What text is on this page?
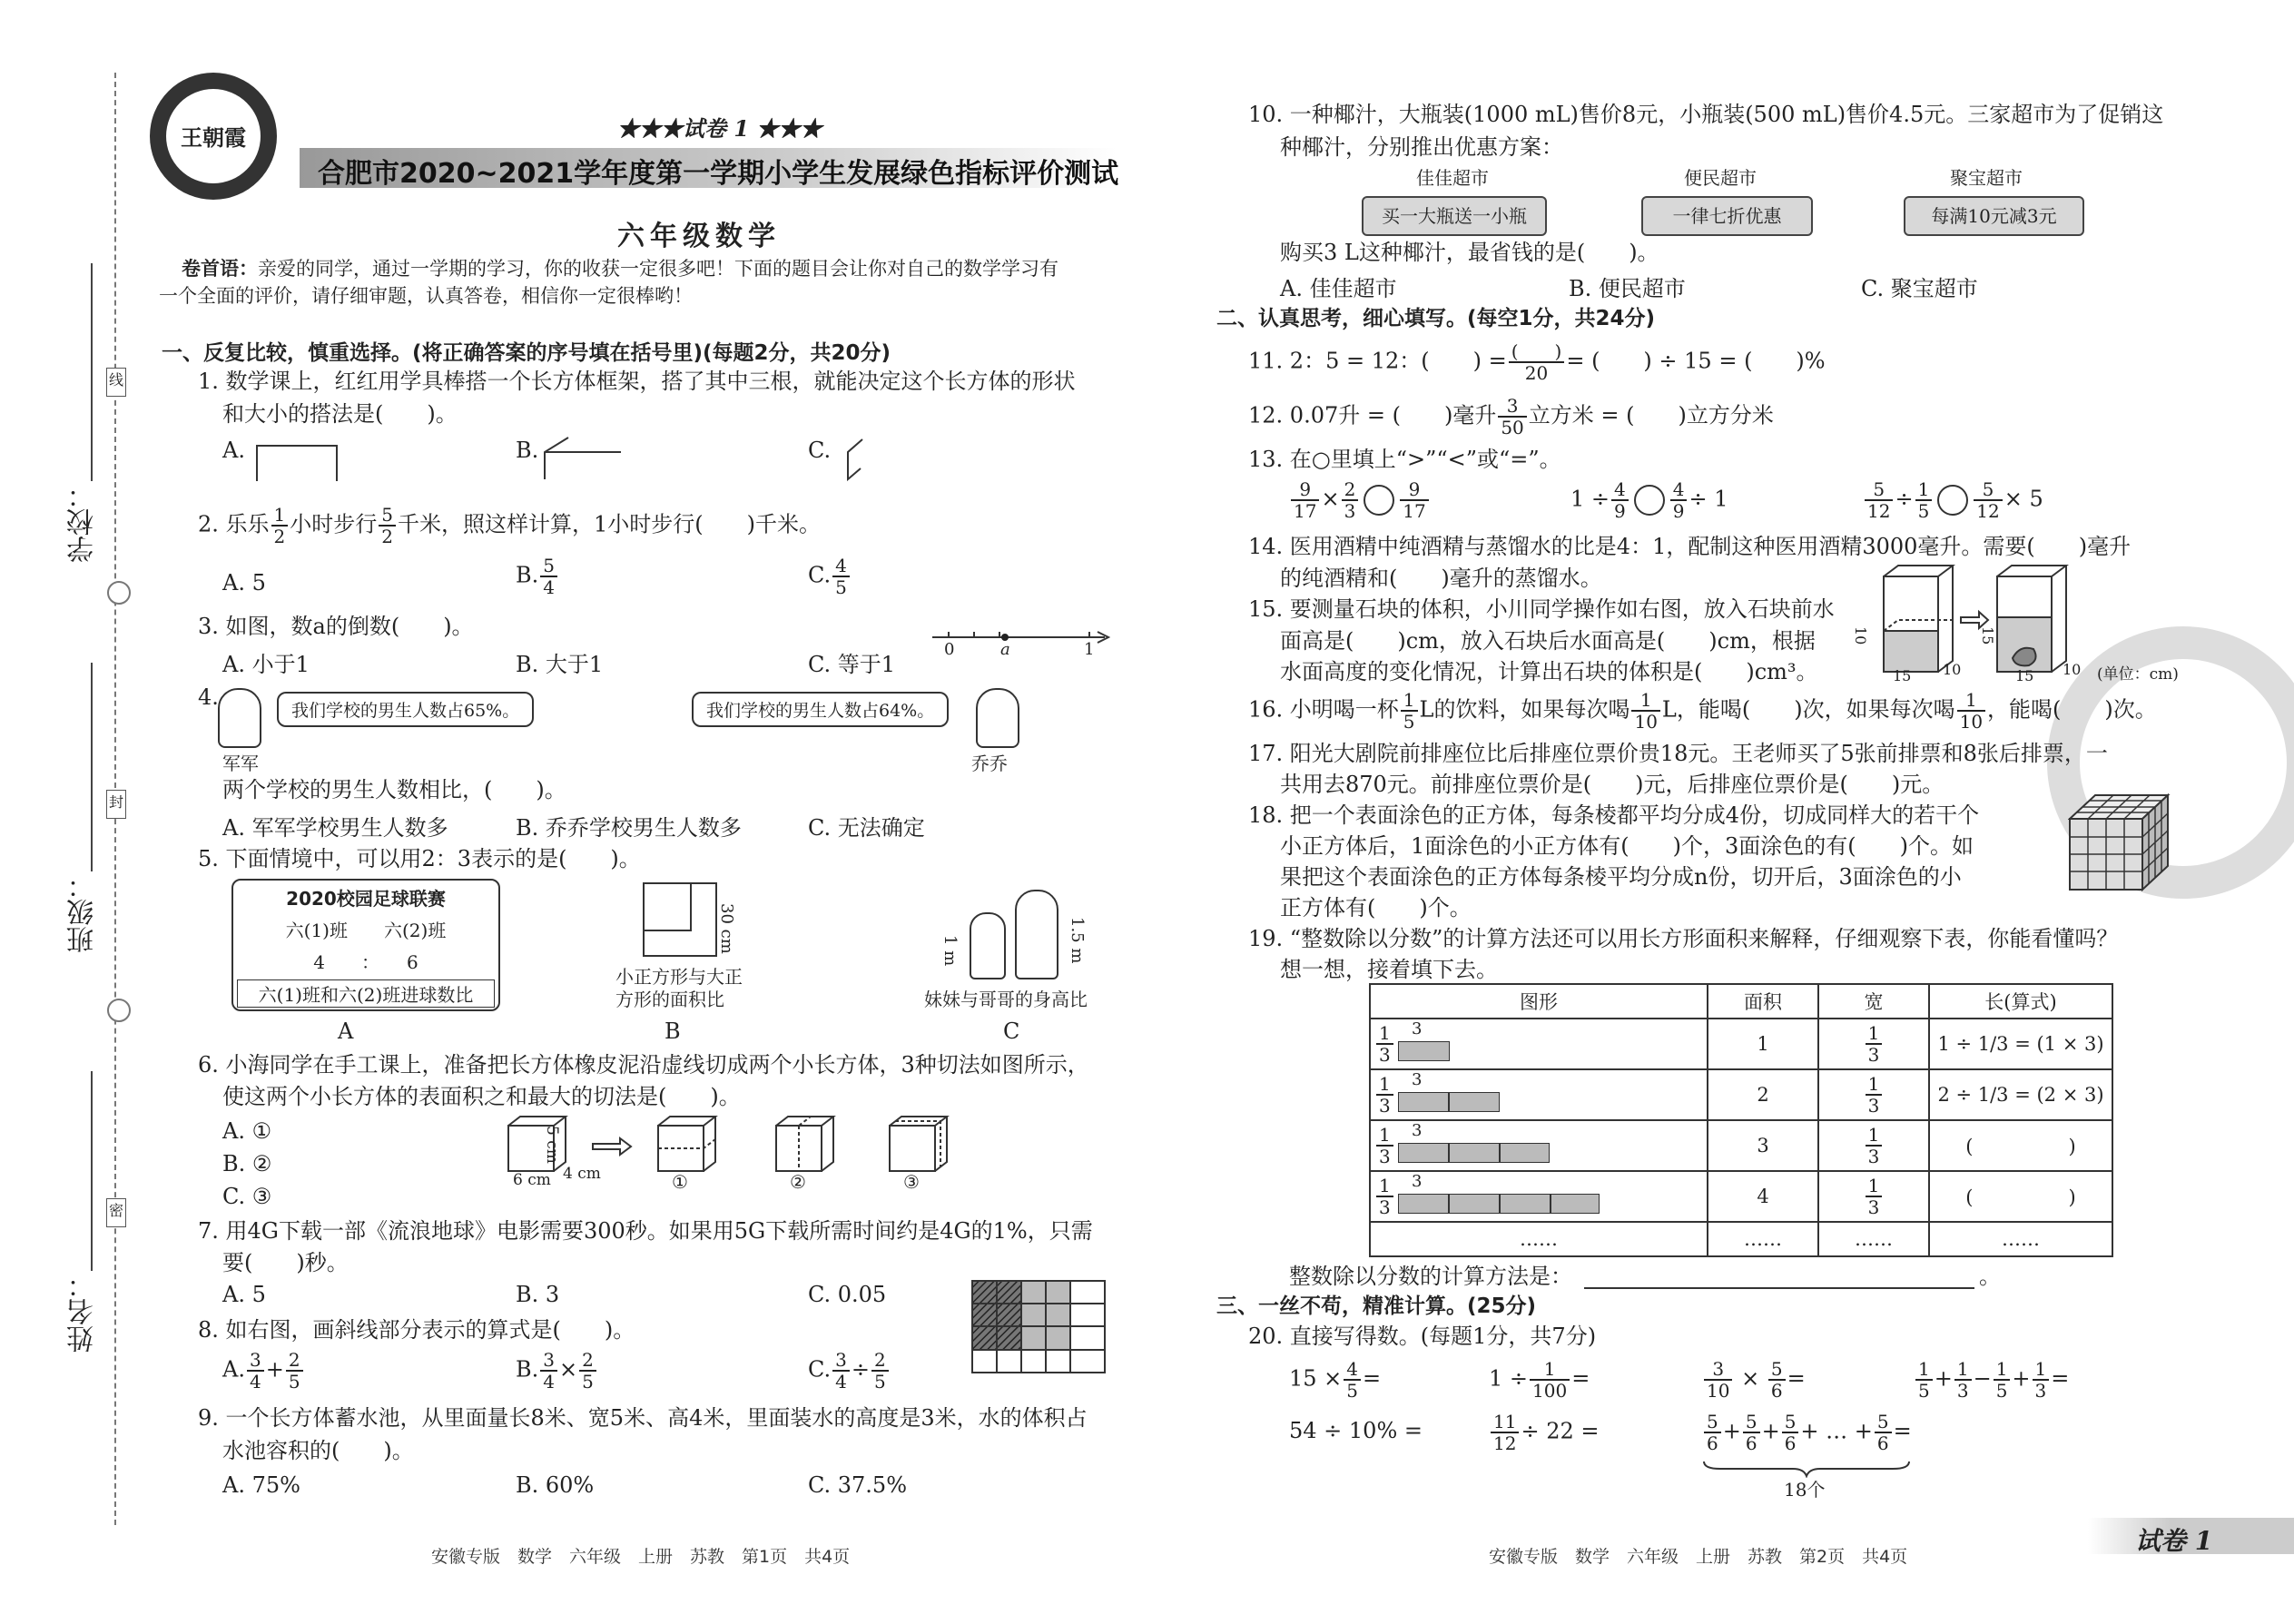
线
封
密
学校：
班级：
姓名：
王朝霞	★★★试卷 1 ★★★
合肥市2020~2021学年度第一学期小学生发展绿色指标评价测试
六年级数学
卷首语：亲爱的同学，通过一学期的学习，你的收获一定很多吧！下面的题目会让你对自己的数学学习有
一个全面的评价，请仔细审题，认真答卷，相信你一定很棒哟！
一、反复比较，慎重选择。(将正确答案的序号填在括号里)(每题2分，共20分)
1. 数学课上，红红用学具棒搭一个长方体框架，搭了其中三根，就能决定这个长方体的形状
和大小的搭法是(　　)。
A.	B.	C.
2. 乐乐 $\frac{1}{2}$ 小时步行 $\frac{5}{2}$ 千米，照这样计算，1小时步行(　　)千米。
A. 5	B. $\frac{5}{4}$	C. $\frac{4}{5}$
3. 如图，数a的倒数(　　)。
A. 小于1	B. 大于1	C. 等于1
0	a	1
4.
我们学校的男生人数占65%。
军军
我们学校的男生人数占64%。
乔乔
两个学校的男生人数相比，(　　)。
A. 军军学校男生人数多	B. 乔乔学校男生人数多	C. 无法确定
5. 下面情境中，可以用2：3表示的是(　　)。
2020校园足球联赛
六(1)班　　六(2)班
4　　：　　6
六(1)班和六(2)班进球数比
30 cm
小正方形与大正
方形的面积比
1 m	1.5 m
妹妹与哥哥的身高比
A	B	C
6. 小海同学在手工课上，准备把长方体橡皮泥沿虚线切成两个小长方体，3种切法如图所示，
使这两个小长方体的表面积之和最大的切法是(　　)。
A. ①
B. ②
C. ③
6 cm 4 cm
5 cm
①	②	③
7. 用4G下载一部《流浪地球》电影需要300秒。如果用5G下载所需时间约是4G的1%，只需
要(　　)秒。
A. 5	B. 3	C. 0.05
8. 如右图，画斜线部分表示的算式是(　　)。
A. $\frac{3}{4} + \frac{2}{5}$	B. $\frac{3}{4} \times \frac{2}{5}$	C. $\frac{3}{4} \div \frac{2}{5}$
9. 一个长方体蓄水池，从里面量长8米、宽5米、高4米，里面装水的高度是3米，水的体积占
水池容积的(　　)。
A. 75%	B. 60%	C. 37.5%
安徽专版　数学　六年级　上册　苏教　第1页　共4页
10. 一种椰汁，大瓶装(1000 mL)售价8元，小瓶装(500 mL)售价4.5元。三家超市为了促销这
种椰汁，分别推出优惠方案：
佳佳超市	便民超市	聚宝超市
买一大瓶送一小瓶	一律七折优惠	每满10元减3元
购买3 L这种椰汁，最省钱的是(　　)。
A. 佳佳超市	B. 便民超市	C. 聚宝超市
二、认真思考，细心填写。(每空1分，共24分)
11. 2：5 = 12：(　　) = $\frac{( )}{20}$ = (　　) ÷ 15 = (　　)%
12. 0.07升 = (　　)毫升 $\frac{3}{50}$ 立方米 = (　　)立方分米
13. 在○里填上“>”“<”或“=”。
$\frac{9}{17} \times \frac{2}{3} \frac{9}{17}$	$1 \div \frac{4}{9} \frac{4}{9} \div 1$	$\frac{5}{12} \div \frac{1}{5} \frac{5}{12} \times 5$
14. 医用酒精中纯酒精与蒸馏水的比是4：1，配制这种医用酒精3000毫升。需要(　　)毫升
的纯酒精和(　　)毫升的蒸馏水。
15. 要测量石块的体积，小川同学操作如右图，放入石块前水
面高是(　　)cm，放入石块后水面高是(　　)cm，根据
水面高度的变化情况，计算出石块的体积是(　　)cm³。
10
15 10
15
15 10 (单位：cm)
16. 小明喝一杯 $\frac{1}{5}$ L的饮料，如果每次喝 $\frac{1}{10}$ L，能喝(　　)次，如果每次喝 $\frac{1}{10}$ ，能喝(　　)次。
17. 阳光大剧院前排座位比后排座位票价贵18元。王老师买了5张前排票和8张后排票，一
共用去870元。前排座位票价是(　　)元，后排座位票价是(　　)元。
18. 把一个表面涂色的正方体，每条棱都平均分成4份，切成同样大的若干个
小正方体后，1面涂色的小正方体有(　　)个，3面涂色的有(　　)个。如
果把这个表面涂色的正方体每条棱平均分成n份，切开后，3面涂色的小
正方体有(　　)个。
19. “整数除以分数”的计算方法还可以用长方形面积来解释，仔细观察下表，你能看懂吗？
想一想，接着填下去。
图形	面积	宽	长(算式)

$\frac{1}{3} 3$	1	$\frac{1}{3}$	1 ÷ 1/3 = (1 × 3)

$\frac{1}{3} 3$	2	$\frac{1}{3}$	2 ÷ 1/3 = (2 × 3)

$\frac{1}{3} 3$	3	$\frac{1}{3}$	(　　　　　)

$\frac{1}{3} 3$	4	$\frac{1}{3}$	(　　　　　)
……	……	……	……
整数除以分数的计算方法是：	。
三、一丝不苟，精准计算。(25分)
20. 直接写得数。(每题1分，共7分)
$15 \times \frac{4}{5}$ =	$1 \div \frac{1}{100}$ =	$\frac{3}{10} \times \frac{5}{6}$ =	$\frac{1}{5} + \frac{1}{3} - \frac{1}{5} + \frac{1}{3}$ =
54 ÷ 10% =	$\frac{11}{12} \div 22$ =	$\frac{5}{6} + \frac{5}{6} + \frac{5}{6}$ + … + $\frac{5}{6}$ =
18个
安徽专版　数学　六年级　上册　苏教　第2页　共4页
试卷 1
